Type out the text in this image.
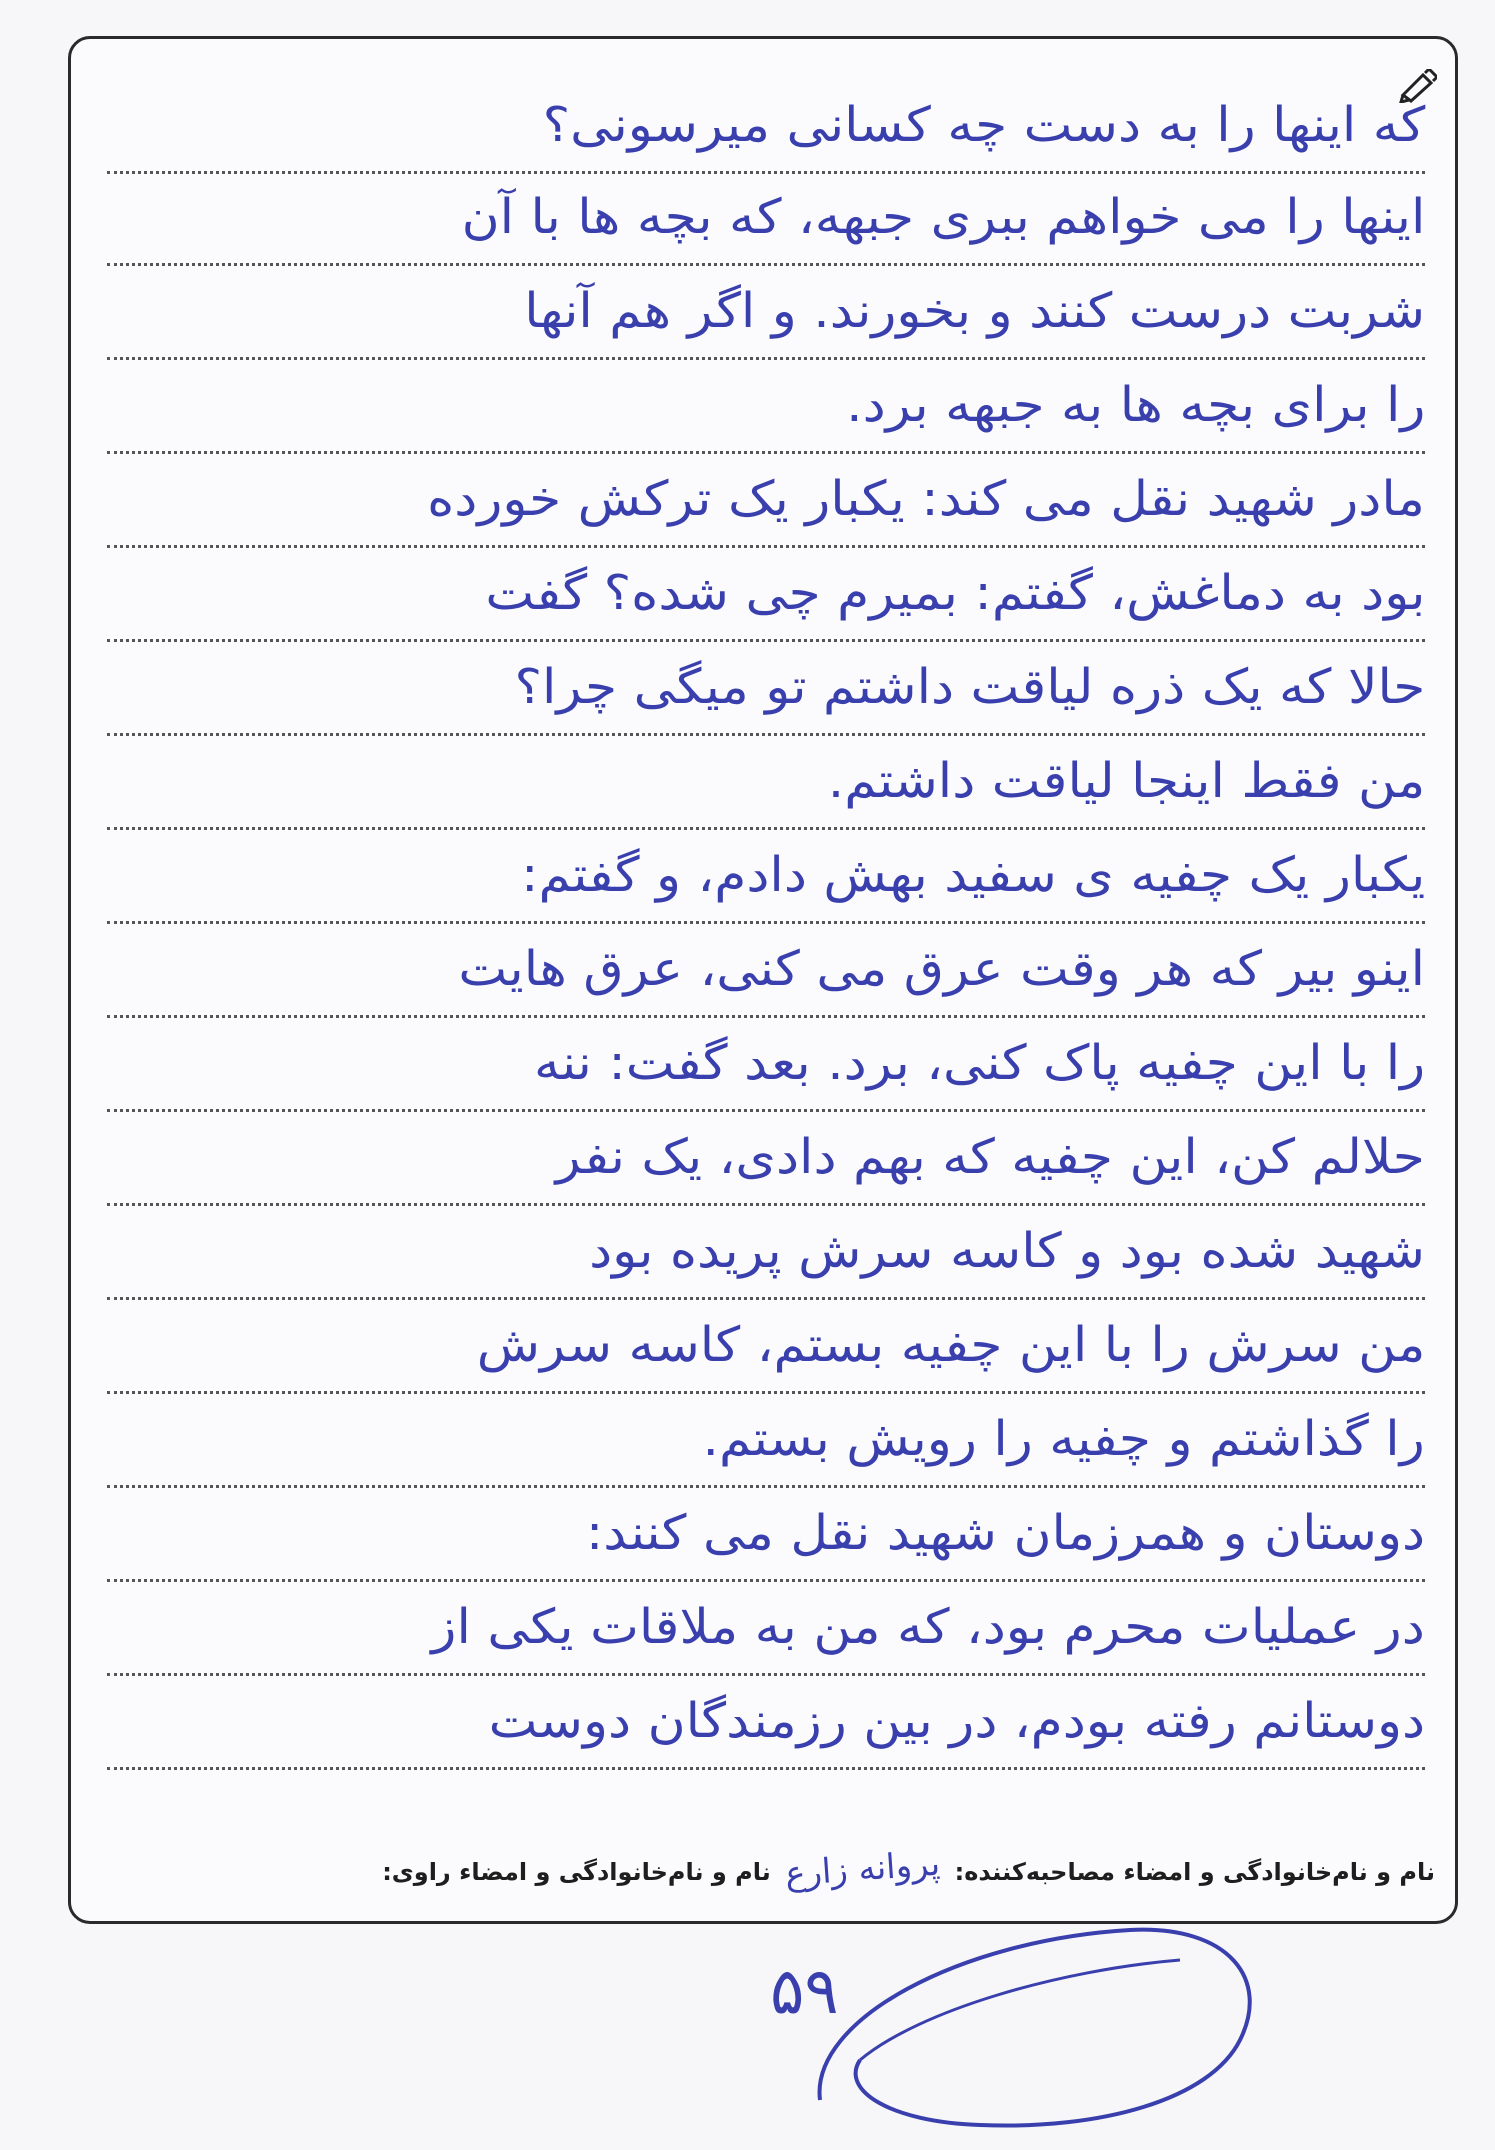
که اینها را به دست چه کسانی میرسونی؟
اینها را می خواهم ببری جبهه، که بچه ها با آن
شربت درست کنند و بخورند. و اگر هم آنها
را برای بچه ها به جبهه برد.
مادر شهید نقل می کند: یکبار یک ترکش خورده
بود به دماغش، گفتم: بمیرم چی شده؟ گفت
حالا که یک ذره لیاقت داشتم تو میگی چرا؟
من فقط اینجا لیاقت داشتم.
یکبار یک چفیه ی سفید بهش دادم، و گفتم:
اینو بیر که هر وقت عرق می کنی، عرق هایت
را با این چفیه پاک کنی، برد. بعد گفت: ننه
حلالم کن، این چفیه که بهم دادی، یک نفر
شهید شده بود و کاسه سرش پریده بود
من سرش را با این چفیه بستم، کاسه سرش
را گذاشتم و چفیه را رویش بستم.
دوستان و همرزمان شهید نقل می کنند:
در عملیات محرم بود، که من به ملاقات یکی از
دوستانم رفته بودم، در بین رزمندگان دوست
نام و نام‌خانوادگی و امضاء مصاحبه‌کننده: پروانه زارع نام و نام‌خانوادگی و امضاء راوی:
۵۹
